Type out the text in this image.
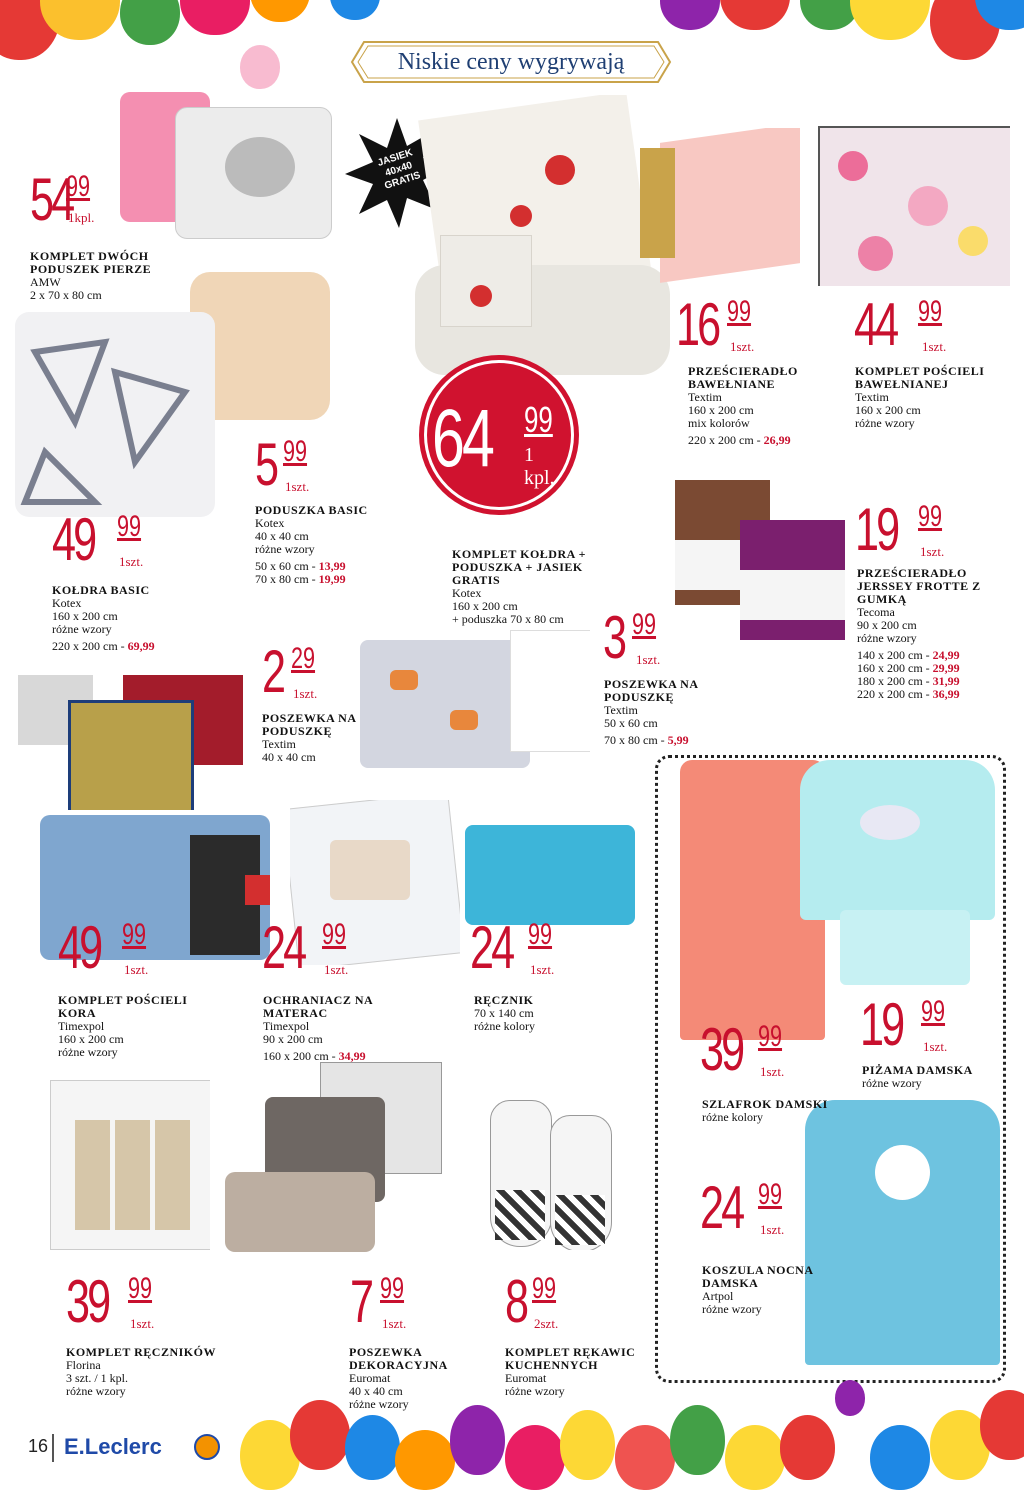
Niskie ceny wygrywają
JASIEK 40x40 GRATIS
54
99
1kpl.
KOMPLET DWÓCH PODUSZEK PIERZE
AMW
2 x 70 x 80 cm
64 99
1 kpl.
KOMPLET KOŁDRA + PODUSZKA + JASIEK GRATIS
Kotex
160 x 200 cm
+ poduszka 70 x 80 cm
16 99
1szt.
PRZEŚCIERADŁO BAWEŁNIANE
Textim
160 x 200 cm
mix kolorów
220 x 200 cm - 26,99
44 99
1szt.
KOMPLET POŚCIELI BAWEŁNIANEJ
Textim
160 x 200 cm
różne wzory
5 99
1szt.
PODUSZKA BASIC
Kotex
40 x 40 cm
różne wzory
50 x 60 cm - 13,99
70 x 80 cm - 19,99
49 99
1szt.
KOŁDRA BASIC
Kotex
160 x 200 cm
różne wzory
220 x 200 cm - 69,99
19 99
1szt.
PRZEŚCIERADŁO JERSSEY FROTTE Z GUMKĄ
Tecoma
90 x 200 cm
różne wzory
140 x 200 cm - 24,99
160 x 200 cm - 29,99
180 x 200 cm - 31,99
220 x 200 cm - 36,99
2 29
1szt.
POSZEWKA NA PODUSZKĘ
Textim
40 x 40 cm
3 99
1szt.
POSZEWKA NA PODUSZKĘ
Textim
50 x 60 cm
70 x 80 cm - 5,99
49 99
1szt.
KOMPLET POŚCIELI KORA
Timexpol
160 x 200 cm
różne wzory
24 99
1szt.
OCHRANIACZ NA MATERAC
Timexpol
90 x 200 cm
160 x 200 cm - 34,99
24 99
1szt.
RĘCZNIK
70 x 140 cm
różne kolory	19 99
1szt.
PIŻAMA DAMSKA
różne wzory
39 99
1szt.
SZLAFROK DAMSKI
różne kolory
24 99
1szt.
KOSZULA NOCNA DAMSKA
Artpol
różne wzory
39 99
1szt.
KOMPLET RĘCZNIKÓW
Florina
3 szt. / 1 kpl.
różne wzory
7 99
1szt.
POSZEWKA DEKORACYJNA
Euromat
40 x 40 cm
różne wzory
8 99
2szt.
KOMPLET RĘKAWIC KUCHENNYCH
Euromat
różne wzory
16 E.Leclerc
